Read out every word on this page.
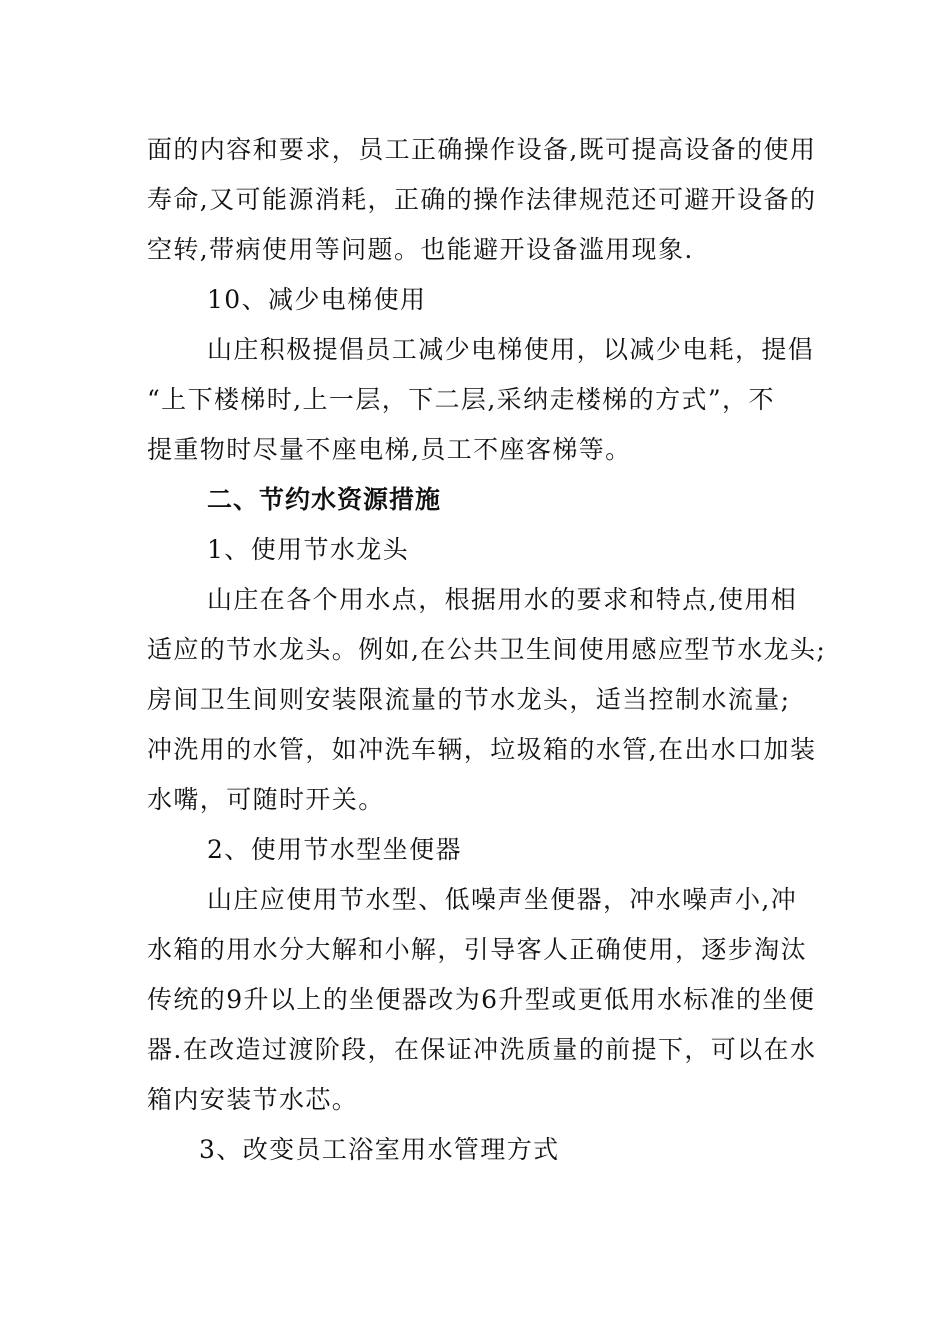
面的内容和要求，员工正确操作设备,既可提高设备的使用
寿命,又可能源消耗，正确的操作法律规范还可避开设备的
空转,带病使用等问题。也能避开设备滥用现象.
10、减少电梯使用
山庄积极提倡员工减少电梯使用，以减少电耗，提倡
“上下楼梯时,上一层，下二层,采纳走楼梯的方式”，不
提重物时尽量不座电梯,员工不座客梯等。
二、节约水资源措施
1、使用节水龙头
山庄在各个用水点，根据用水的要求和特点,使用相
适应的节水龙头。例如,在公共卫生间使用感应型节水龙头;
房间卫生间则安装限流量的节水龙头，适当控制水流量;
冲洗用的水管，如冲洗车辆，垃圾箱的水管,在出水口加装
水嘴，可随时开关。
2、使用节水型坐便器
山庄应使用节水型、低噪声坐便器，冲水噪声小,冲
水箱的用水分大解和小解，引导客人正确使用，逐步淘汰
传统的9升以上的坐便器改为6升型或更低用水标准的坐便
器.在改造过渡阶段，在保证冲洗质量的前提下，可以在水
箱内安装节水芯。
3、改变员工浴室用水管理方式
